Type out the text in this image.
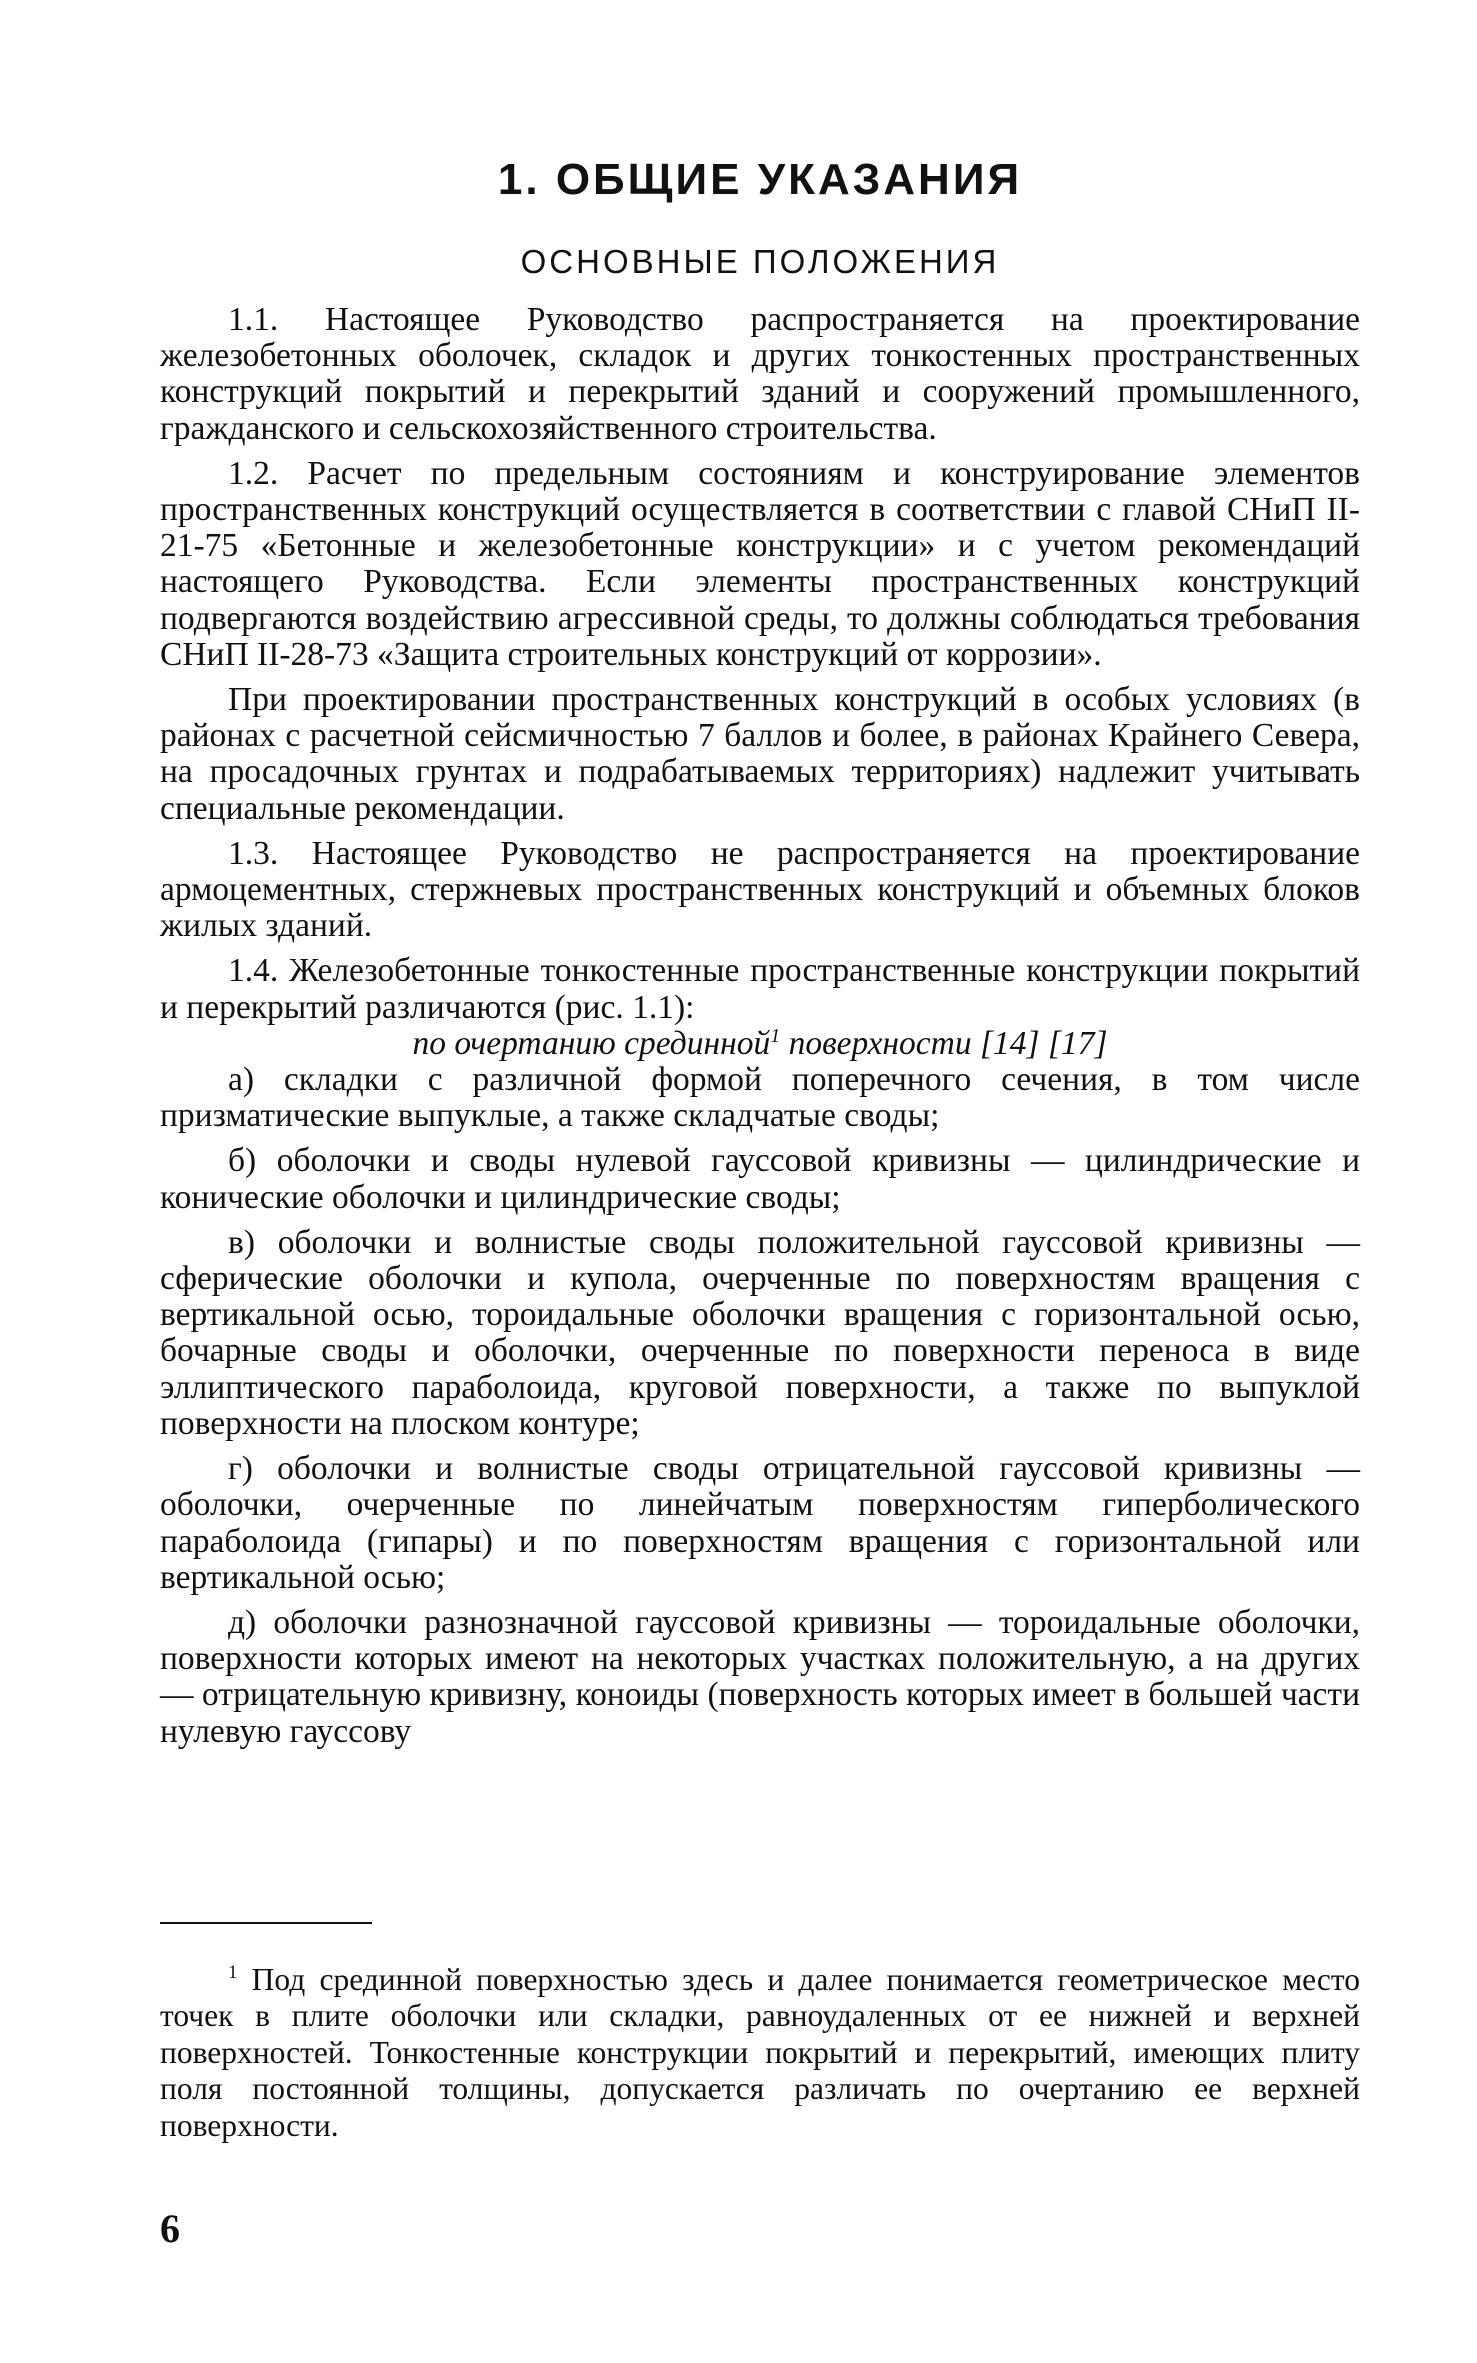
1. ОБЩИЕ УКАЗАНИЯ
ОСНОВНЫЕ ПОЛОЖЕНИЯ

1.1. Настоящее Руководство распространяется на проектирование железобетонных оболочек, складок и других тонкостенных пространственных конструкций покрытий и перекрытий зданий и сооружений промышленного, гражданского и сельскохозяйственного строительства.

1.2. Расчет по предельным состояниям и конструирование элементов пространственных конструкций осуществляется в соответствии с главой СНиП II-21-75 «Бетонные и железобетонные конструкции» и с учетом рекомендаций настоящего Руководства. Если элементы пространственных конструкций подвергаются воздействию агрессивной среды, то должны соблюдаться требования СНиП II-28-73 «Защита строительных конструкций от коррозии».

При проектировании пространственных конструкций в особых условиях (в районах с расчетной сейсмичностью 7 баллов и более, в районах Крайнего Севера, на просадочных грунтах и подрабатываемых территориях) надлежит учитывать специальные рекомендации.

1.3. Настоящее Руководство не распространяется на проектирование армоцементных, стержневых пространственных конструкций и объемных блоков жилых зданий.

1.4. Железобетонные тонкостенные пространственные конструкции покрытий и перекрытий различаются (рис. 1.1):

по очертанию срединной$^1$ поверхности [14] [17]

а) складки с различной формой поперечного сечения, в том числе призматические выпуклые, а также складчатые своды;

б) оболочки и своды нулевой гауссовой кривизны — цилиндрические и конические оболочки и цилиндрические своды;

в) оболочки и волнистые своды положительной гауссовой кривизны — сферические оболочки и купола, очерченные по поверхностям вращения с вертикальной осью, тороидальные оболочки вращения с горизонтальной осью, бочарные своды и оболочки, очерченные по поверхности переноса в виде эллиптического параболоида, круговой поверхности, а также по выпуклой поверхности на плоском контуре;

г) оболочки и волнистые своды отрицательной гауссовой кривизны — оболочки, очерченные по линейчатым поверхностям гиперболического параболоида (гипары) и по поверхностям вращения с горизонтальной или вертикальной осью;

д) оболочки разнозначной гауссовой кривизны — тороидальные оболочки, поверхности которых имеют на некоторых участках положительную, а на других — отрицательную кривизну, коноиды (поверхность которых имеет в большей части нулевую гауссову

$^1$ Под срединной поверхностью здесь и далее понимается геометрическое место точек в плите оболочки или складки, равноудаленных от ее нижней и верхней поверхностей. Тонкостенные конструкции покрытий и перекрытий, имеющих плиту поля постоянной толщины, допускается различать по очертанию ее верхней поверхности.

6
